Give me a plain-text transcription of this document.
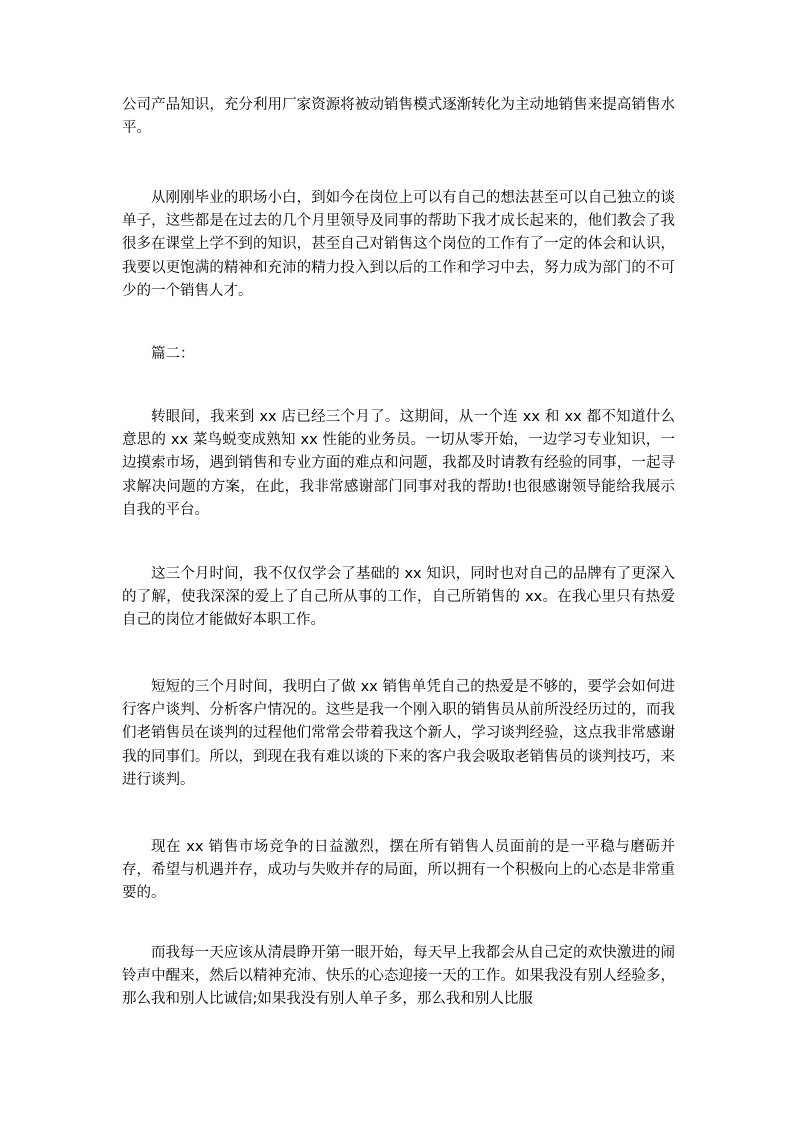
公司产品知识，充分利用厂家资源将被动销售模式逐渐转化为主动地销售来提高销售水平。

从刚刚毕业的职场小白，到如今在岗位上可以有自己的想法甚至可以自己独立的谈单子，这些都是在过去的几个月里领导及同事的帮助下我才成长起来的，他们教会了我很多在课堂上学不到的知识，甚至自己对销售这个岗位的工作有了一定的体会和认识，我要以更饱满的精神和充沛的精力投入到以后的工作和学习中去，努力成为部门的不可少的一个销售人才。

篇二：

转眼间，我来到 xx 店已经三个月了。这期间，从一个连 xx 和 xx 都不知道什么意思的 xx 菜鸟蜕变成熟知 xx 性能的业务员。一切从零开始，一边学习专业知识，一边摸索市场，遇到销售和专业方面的难点和问题，我都及时请教有经验的同事，一起寻求解决问题的方案，在此，我非常感谢部门同事对我的帮助!也很感谢领导能给我展示自我的平台。

这三个月时间，我不仅仅学会了基础的 xx 知识，同时也对自己的品牌有了更深入的了解，使我深深的爱上了自己所从事的工作，自己所销售的 xx。在我心里只有热爱自己的岗位才能做好本职工作。

短短的三个月时间，我明白了做 xx 销售单凭自己的热爱是不够的，要学会如何进行客户谈判、分析客户情况的。这些是我一个刚入职的销售员从前所没经历过的，而我们老销售员在谈判的过程他们常常会带着我这个新人，学习谈判经验，这点我非常感谢我的同事们。所以，到现在我有难以谈的下来的客户我会吸取老销售员的谈判技巧，来进行谈判。

现在 xx 销售市场竞争的日益激烈，摆在所有销售人员面前的是一平稳与磨砺并存，希望与机遇并存，成功与失败并存的局面，所以拥有一个积极向上的心态是非常重要的。

而我每一天应该从清晨睁开第一眼开始，每天早上我都会从自己定的欢快激进的闹铃声中醒来，然后以精神充沛、快乐的心态迎接一天的工作。如果我没有别人经验多，那么我和别人比诚信;如果我没有别人单子多，那么我和别人比服
